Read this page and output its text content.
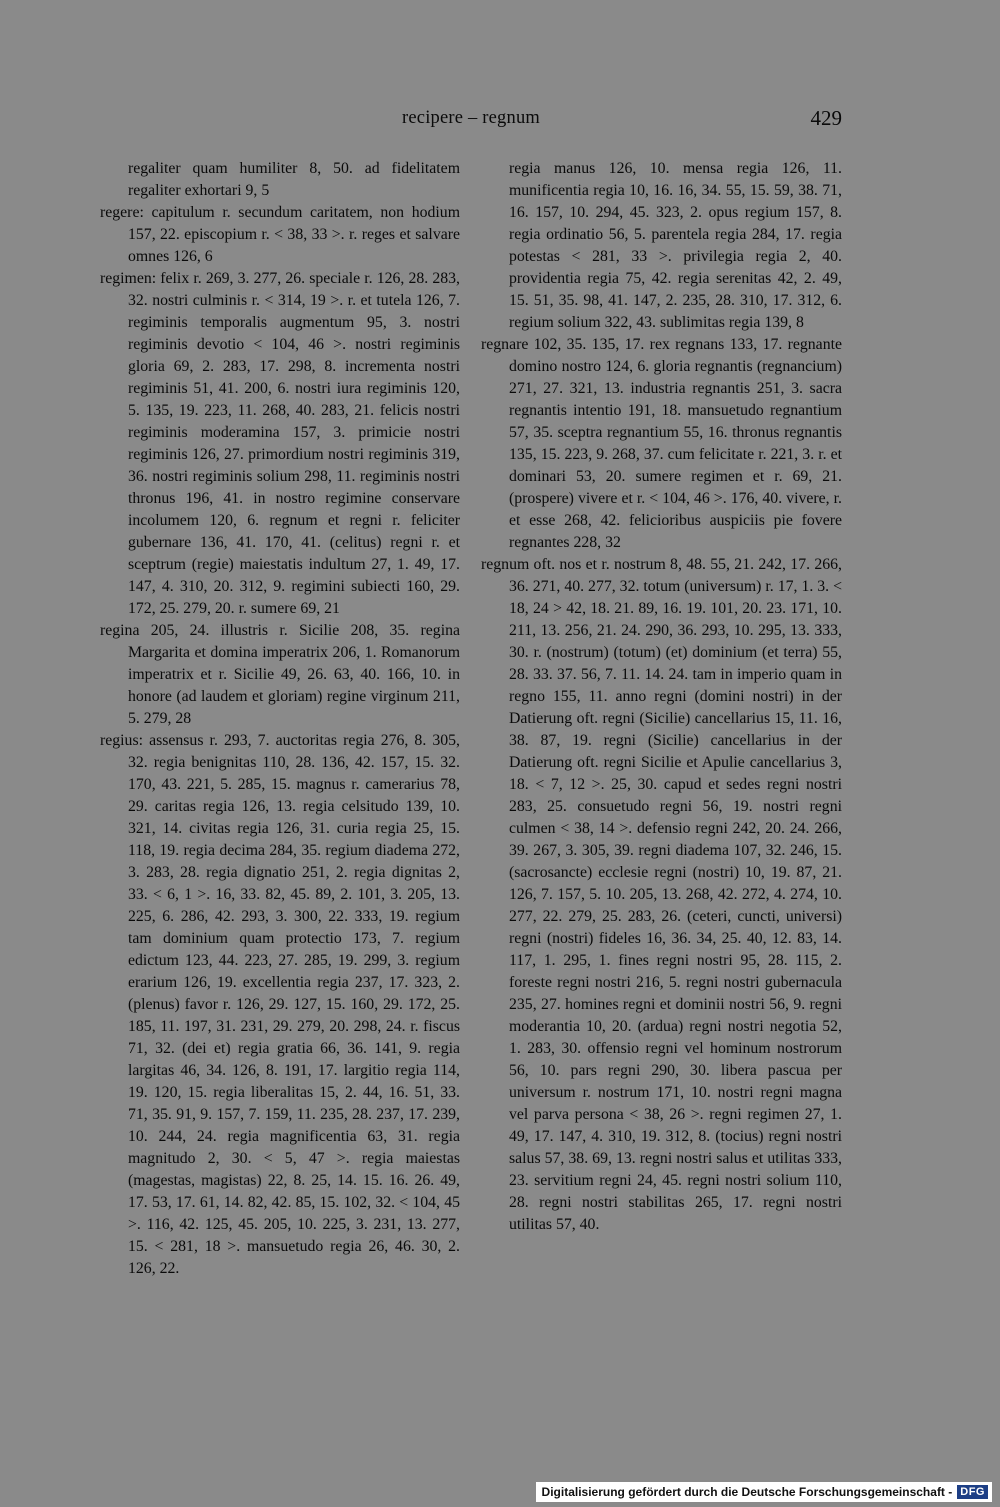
recipere – regnum	429

regaliter quam humiliter 8, 50. ad fidelitatem regaliter exhortari 9, 5

regere: capitulum r. secundum caritatem, non hodium 157, 22. episcopium r. < 38, 33 >. r. reges et salvare omnes 126, 6

regimen: felix r. 269, 3. 277, 26. speciale r. 126, 28. 283, 32. nostri culminis r. < 314, 19 >. r. et tutela 126, 7. regiminis temporalis augmentum 95, 3. nostri regiminis devotio < 104, 46 >. nostri regiminis gloria 69, 2. 283, 17. 298, 8. incrementa nostri regiminis 51, 41. 200, 6. nostri iura regiminis 120, 5. 135, 19. 223, 11. 268, 40. 283, 21. felicis nostri regiminis moderamina 157, 3. primicie nostri regiminis 126, 27. primordium nostri regiminis 319, 36. nostri regiminis solium 298, 11. regiminis nostri thronus 196, 41. in nostro regimine conservare incolumem 120, 6. regnum et regni r. feliciter gubernare 136, 41. 170, 41. (celitus) regni r. et sceptrum (regie) maiestatis indultum 27, 1. 49, 17. 147, 4. 310, 20. 312, 9. regimini subiecti 160, 29. 172, 25. 279, 20. r. sumere 69, 21

regina 205, 24. illustris r. Sicilie 208, 35. regina Margarita et domina imperatrix 206, 1. Romanorum imperatrix et r. Sicilie 49, 26. 63, 40. 166, 10. in honore (ad laudem et gloriam) regine virginum 211, 5. 279, 28

regius: assensus r. 293, 7. auctoritas regia 276, 8. 305, 32. regia benignitas 110, 28. 136, 42. 157, 15. 32. 170, 43. 221, 5. 285, 15. magnus r. camerarius 78, 29. caritas regia 126, 13. regia celsitudo 139, 10. 321, 14. civitas regia 126, 31. curia regia 25, 15. 118, 19. regia decima 284, 35. regium diadema 272, 3. 283, 28. regia dignatio 251, 2. regia dignitas 2, 33. < 6, 1 >. 16, 33. 82, 45. 89, 2. 101, 3. 205, 13. 225, 6. 286, 42. 293, 3. 300, 22. 333, 19. regium tam dominium quam protectio 173, 7. regium edictum 123, 44. 223, 27. 285, 19. 299, 3. regium erarium 126, 19. excellentia regia 237, 17. 323, 2. (plenus) favor r. 126, 29. 127, 15. 160, 29. 172, 25. 185, 11. 197, 31. 231, 29. 279, 20. 298, 24. r. fiscus 71, 32. (dei et) regia gratia 66, 36. 141, 9. regia largitas 46, 34. 126, 8. 191, 17. largitio regia 114, 19. 120, 15. regia liberalitas 15, 2. 44, 16. 51, 33. 71, 35. 91, 9. 157, 7. 159, 11. 235, 28. 237, 17. 239, 10. 244, 24. regia magnificentia 63, 31. regia magnitudo 2, 30. < 5, 47 >. regia maiestas (magestas, magistas) 22, 8. 25, 14. 15. 16. 26. 49, 17. 53, 17. 61, 14. 82, 42. 85, 15. 102, 32. < 104, 45 >. 116, 42. 125, 45. 205, 10. 225, 3. 231, 13. 277, 15. < 281, 18 >. mansuetudo regia 26, 46. 30, 2. 126, 22.

regia manus 126, 10. mensa regia 126, 11. munificentia regia 10, 16. 16, 34. 55, 15. 59, 38. 71, 16. 157, 10. 294, 45. 323, 2. opus regium 157, 8. regia ordinatio 56, 5. parentela regia 284, 17. regia potestas < 281, 33 >. privilegia regia 2, 40. providentia regia 75, 42. regia serenitas 42, 2. 49, 15. 51, 35. 98, 41. 147, 2. 235, 28. 310, 17. 312, 6. regium solium 322, 43. sublimitas regia 139, 8

regnare 102, 35. 135, 17. rex regnans 133, 17. regnante domino nostro 124, 6. gloria regnantis (regnancium) 271, 27. 321, 13. industria regnantis 251, 3. sacra regnantis intentio 191, 18. mansuetudo regnantium 57, 35. sceptra regnantium 55, 16. thronus regnantis 135, 15. 223, 9. 268, 37. cum felicitate r. 221, 3. r. et dominari 53, 20. sumere regimen et r. 69, 21. (prospere) vivere et r. < 104, 46 >. 176, 40. vivere, r. et esse 268, 42. felicioribus auspiciis pie fovere regnantes 228, 32

regnum oft. nos et r. nostrum 8, 48. 55, 21. 242, 17. 266, 36. 271, 40. 277, 32. totum (universum) r. 17, 1. 3. < 18, 24 > 42, 18. 21. 89, 16. 19. 101, 20. 23. 171, 10. 211, 13. 256, 21. 24. 290, 36. 293, 10. 295, 13. 333, 30. r. (nostrum) (totum) (et) dominium (et terra) 55, 28. 33. 37. 56, 7. 11. 14. 24. tam in imperio quam in regno 155, 11. anno regni (domini nostri) in der Datierung oft. regni (Sicilie) cancellarius 15, 11. 16, 38. 87, 19. regni (Sicilie) cancellarius in der Datierung oft. regni Sicilie et Apulie cancellarius 3, 18. < 7, 12 >. 25, 30. capud et sedes regni nostri 283, 25. consuetudo regni 56, 19. nostri regni culmen < 38, 14 >. defensio regni 242, 20. 24. 266, 39. 267, 3. 305, 39. regni diadema 107, 32. 246, 15. (sacrosancte) ecclesie regni (nostri) 10, 19. 87, 21. 126, 7. 157, 5. 10. 205, 13. 268, 42. 272, 4. 274, 10. 277, 22. 279, 25. 283, 26. (ceteri, cuncti, universi) regni (nostri) fideles 16, 36. 34, 25. 40, 12. 83, 14. 117, 1. 295, 1. fines regni nostri 95, 28. 115, 2. foreste regni nostri 216, 5. regni nostri gubernacula 235, 27. homines regni et dominii nostri 56, 9. regni moderantia 10, 20. (ardua) regni nostri negotia 52, 1. 283, 30. offensio regni vel hominum nostrorum 56, 10. pars regni 290, 30. libera pascua per universum r. nostrum 171, 10. nostri regni magna vel parva persona < 38, 26 >. regni regimen 27, 1. 49, 17. 147, 4. 310, 19. 312, 8. (tocius) regni nostri salus 57, 38. 69, 13. regni nostri salus et utilitas 333, 23. servitium regni 24, 45. regni nostri solium 110, 28. regni nostri stabilitas 265, 17. regni nostri utilitas 57, 40.

Digitalisierung gefördert durch die Deutsche Forschungsgemeinschaft - DFG
